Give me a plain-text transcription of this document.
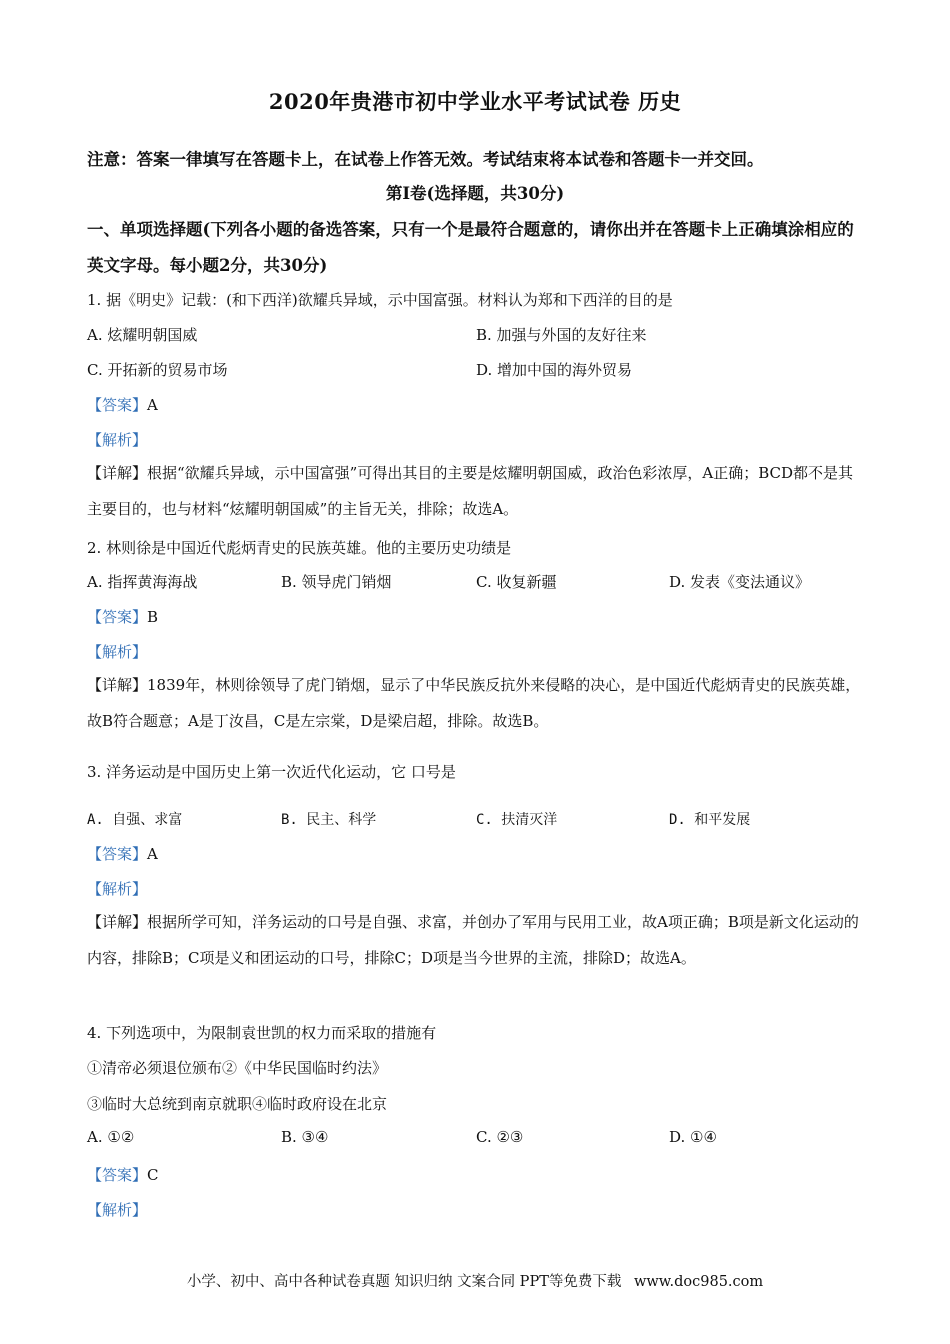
2020年贵港市初中学业水平考试试卷 历史
注意：答案一律填写在答题卡上，在试卷上作答无效。考试结束将本试卷和答题卡一并交回。
第Ⅰ卷(选择题，共30分)
一、单项选择题(下列各小题的备选答案，只有一个是最符合题意的，请你出并在答题卡上正确填涂相应的英文字母。每小题2分，共30分)
1. 据《明史》记载：(和下西洋)欲耀兵异域，示中国富强。材料认为郑和下西洋的目的是
A. 炫耀明朝国威	B. 加强与外国的友好往来
C. 开拓新的贸易市场	D. 增加中国的海外贸易
【答案】A
【解析】
【详解】根据“欲耀兵异域，示中国富强”可得出其目的主要是炫耀明朝国威，政治色彩浓厚，A正确；BCD都不是其主要目的，也与材料“炫耀明朝国威”的主旨无关，排除；故选A。
2. 林则徐是中国近代彪炳青史的民族英雄。他的主要历史功绩是
A. 指挥黄海海战	B. 领导虎门销烟	C. 收复新疆	D. 发表《变法通议》
【答案】B
【解析】
【详解】1839年，林则徐领导了虎门销烟，显示了中华民族反抗外来侵略的决心，是中国近代彪炳青史的民族英雄，故B符合题意；A是丁汝昌，C是左宗棠，D是梁启超，排除。故选B。
3. 洋务运动是中国历史上第一次近代化运动，它 口号是
A. 自强、求富	B. 民主、科学	C. 扶清灭洋	D. 和平发展
【答案】A
【解析】
【详解】根据所学可知，洋务运动的口号是自强、求富，并创办了军用与民用工业，故A项正确；B项是新文化运动的内容，排除B；C项是义和团运动的口号，排除C；D项是当今世界的主流，排除D；故选A。
4. 下列选项中，为限制袁世凯的权力而采取的措施有
①清帝必须退位颁布②《中华民国临时约法》
③临时大总统到南京就职④临时政府设在北京
A. ①②	B. ③④	C. ②③	D. ①④
【答案】C
【解析】
小学、初中、高中各种试卷真题 知识归纳 文案合同 PPT等免费下载 www.doc985.com
